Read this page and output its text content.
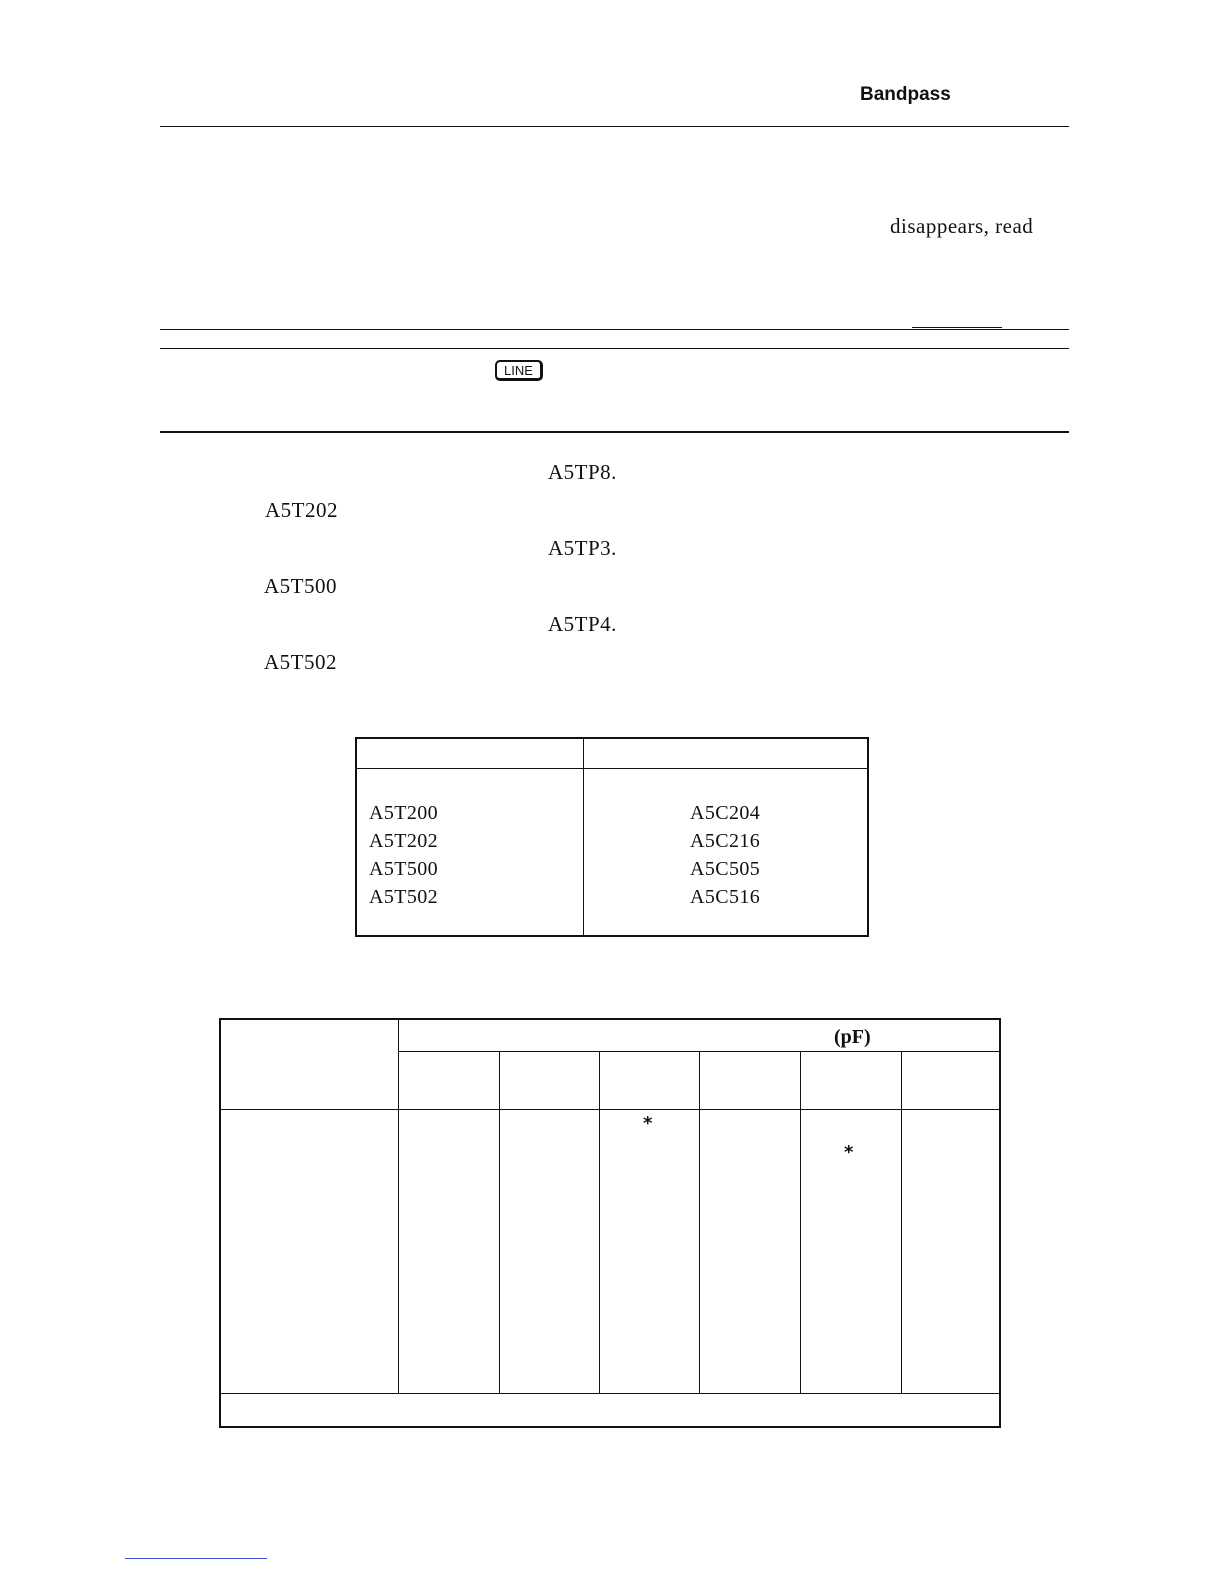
Bandpass
disappears, read
LINE
A5TP8.
A5T202
A5TP3.
A5T500
A5TP4.
A5T502
A5T200	A5C204
A5T202	A5C216
A5T500	A5C505
A5T502	A5C516
(pF)
*
*
